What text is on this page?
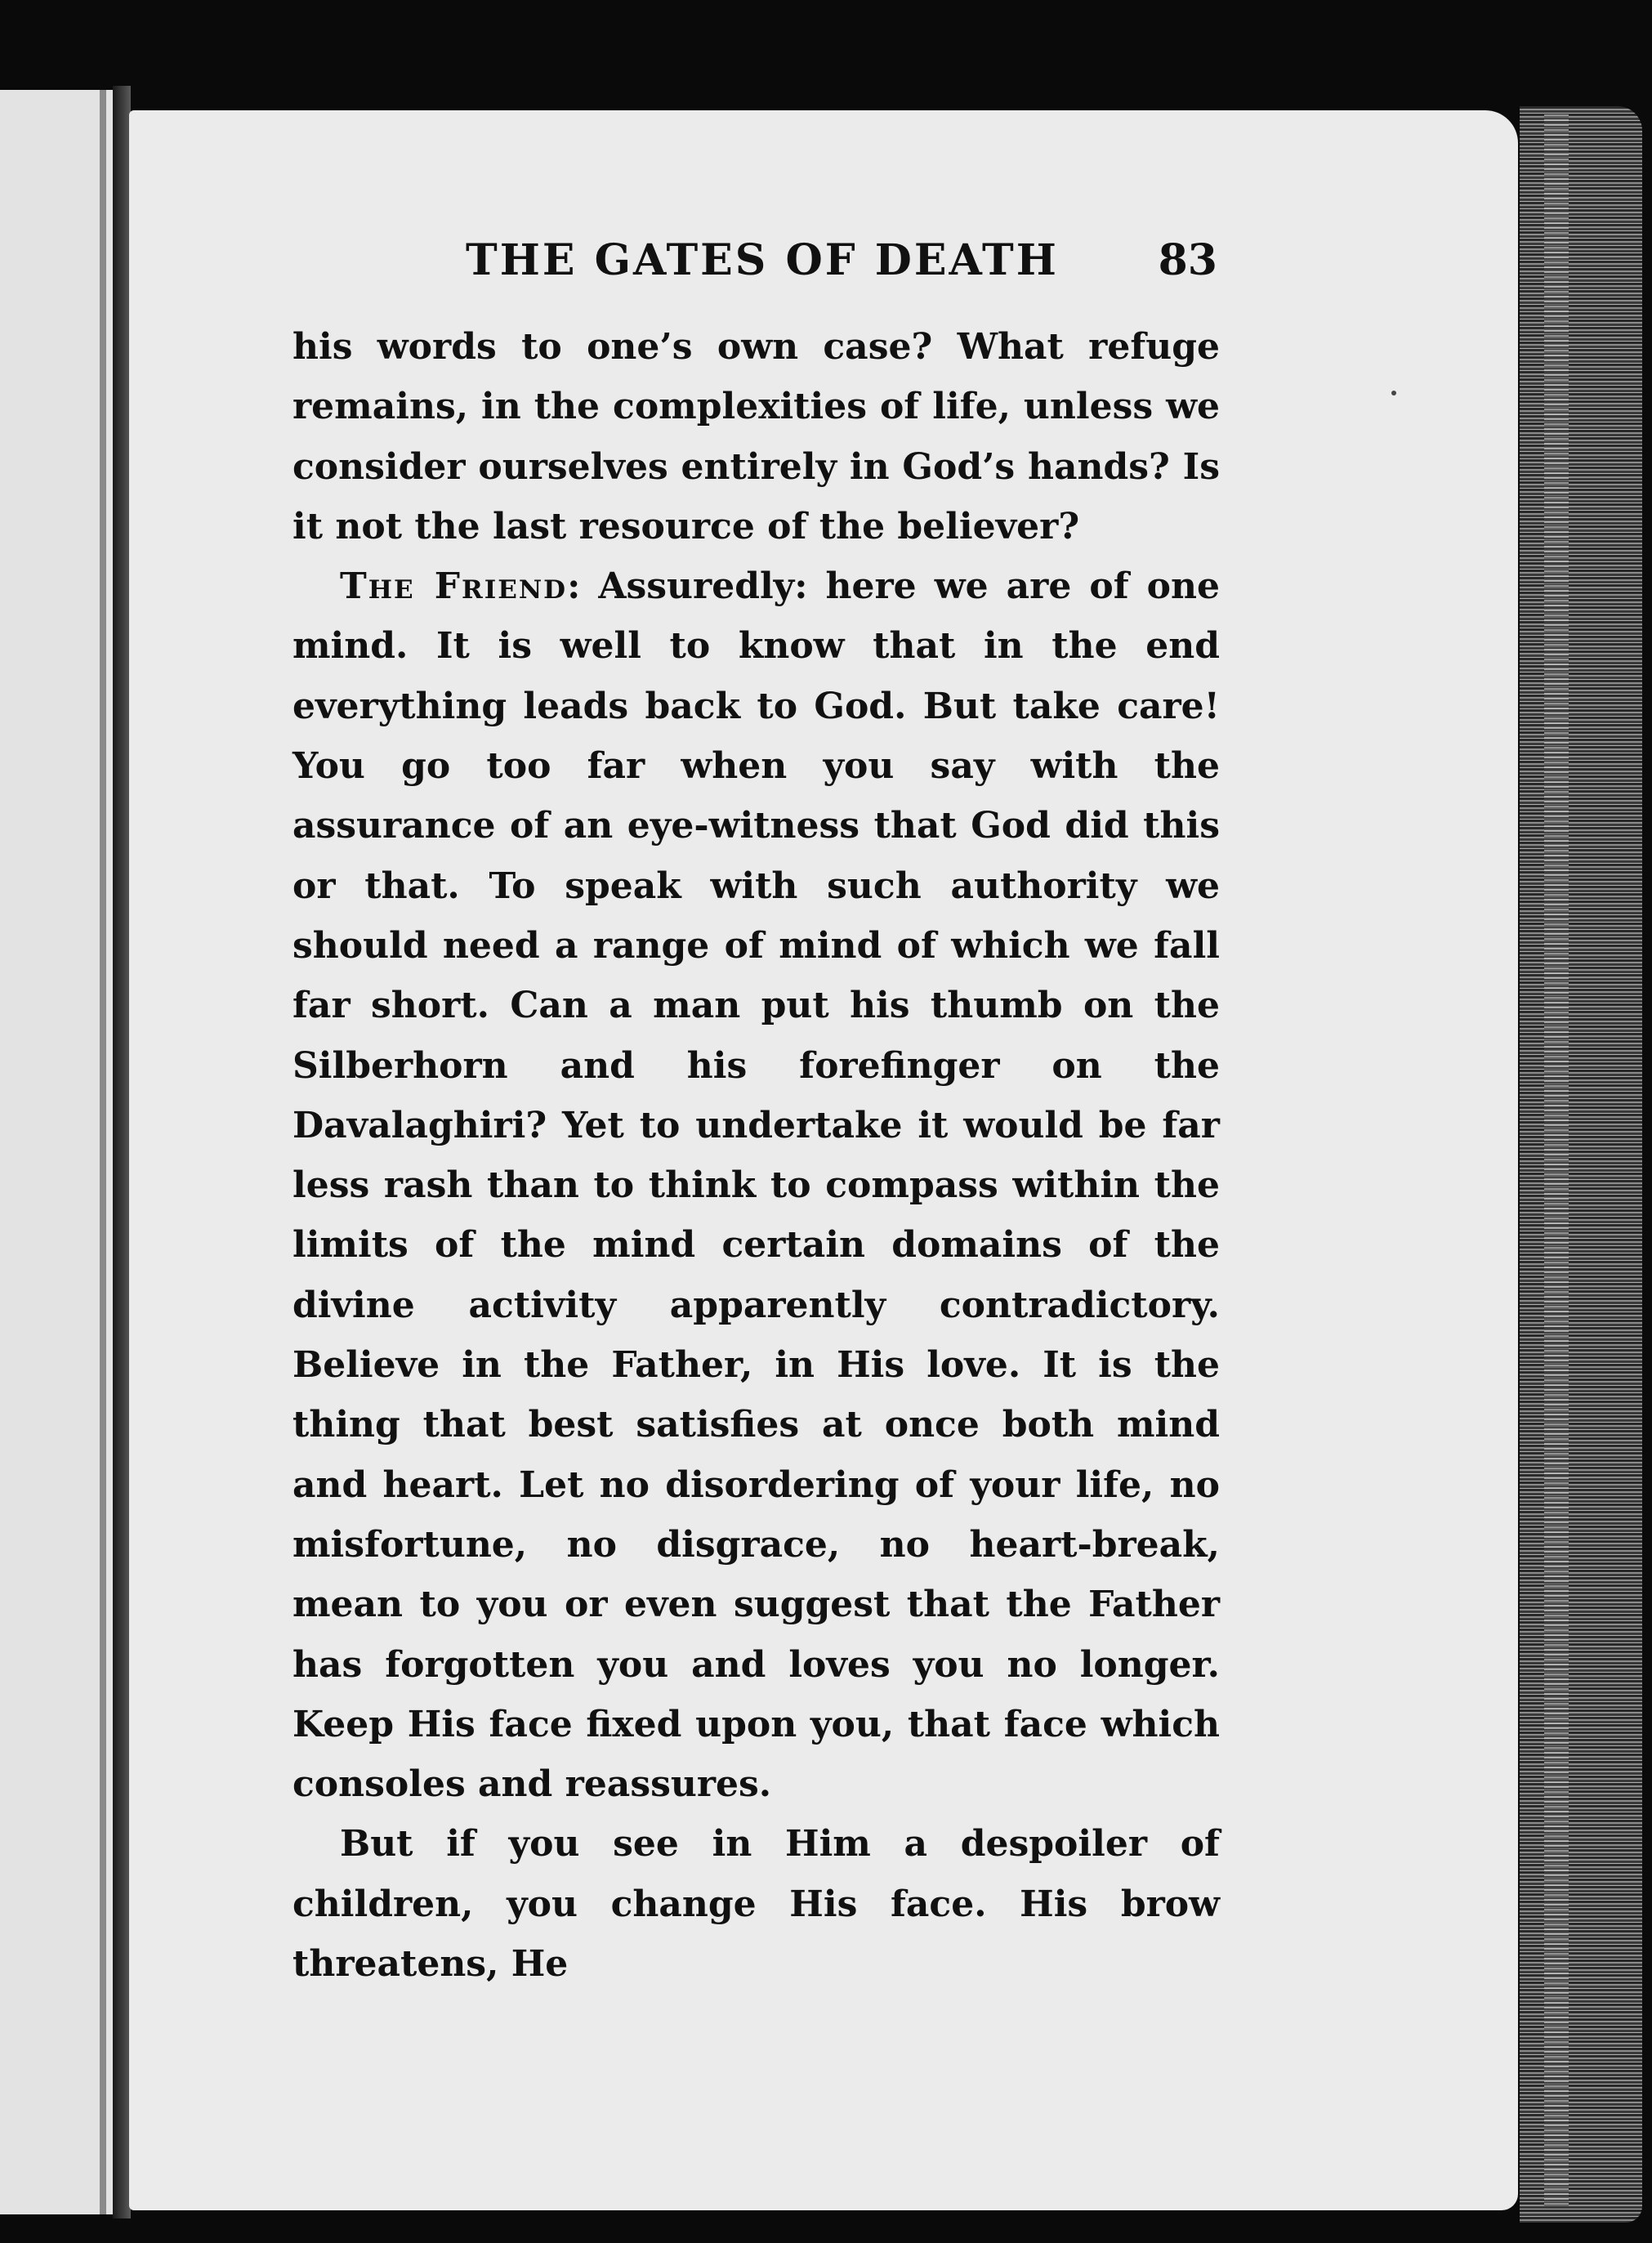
THE GATES OF DEATH 83

his words to one’s own case? What refuge remains, in the complexities of life, unless we consider ourselves entirely in God’s hands? Is it not the last resource of the believer?

The Friend: Assuredly: here we are of one mind. It is well to know that in the end everything leads back to God. But take care! You go too far when you say with the assurance of an eye-witness that God did this or that. To speak with such authority we should need a range of mind of which we fall far short. Can a man put his thumb on the Silberhorn and his forefinger on the Davalaghiri? Yet to undertake it would be far less rash than to think to compass within the limits of the mind certain domains of the divine activity apparently contradictory. Believe in the Father, in His love. It is the thing that best satisfies at once both mind and heart. Let no disordering of your life, no misfortune, no disgrace, no heart-break, mean to you or even suggest that the Father has forgotten you and loves you no longer. Keep His face fixed upon you, that face which consoles and reassures.

But if you see in Him a despoiler of children, you change His face. His brow threatens, He
